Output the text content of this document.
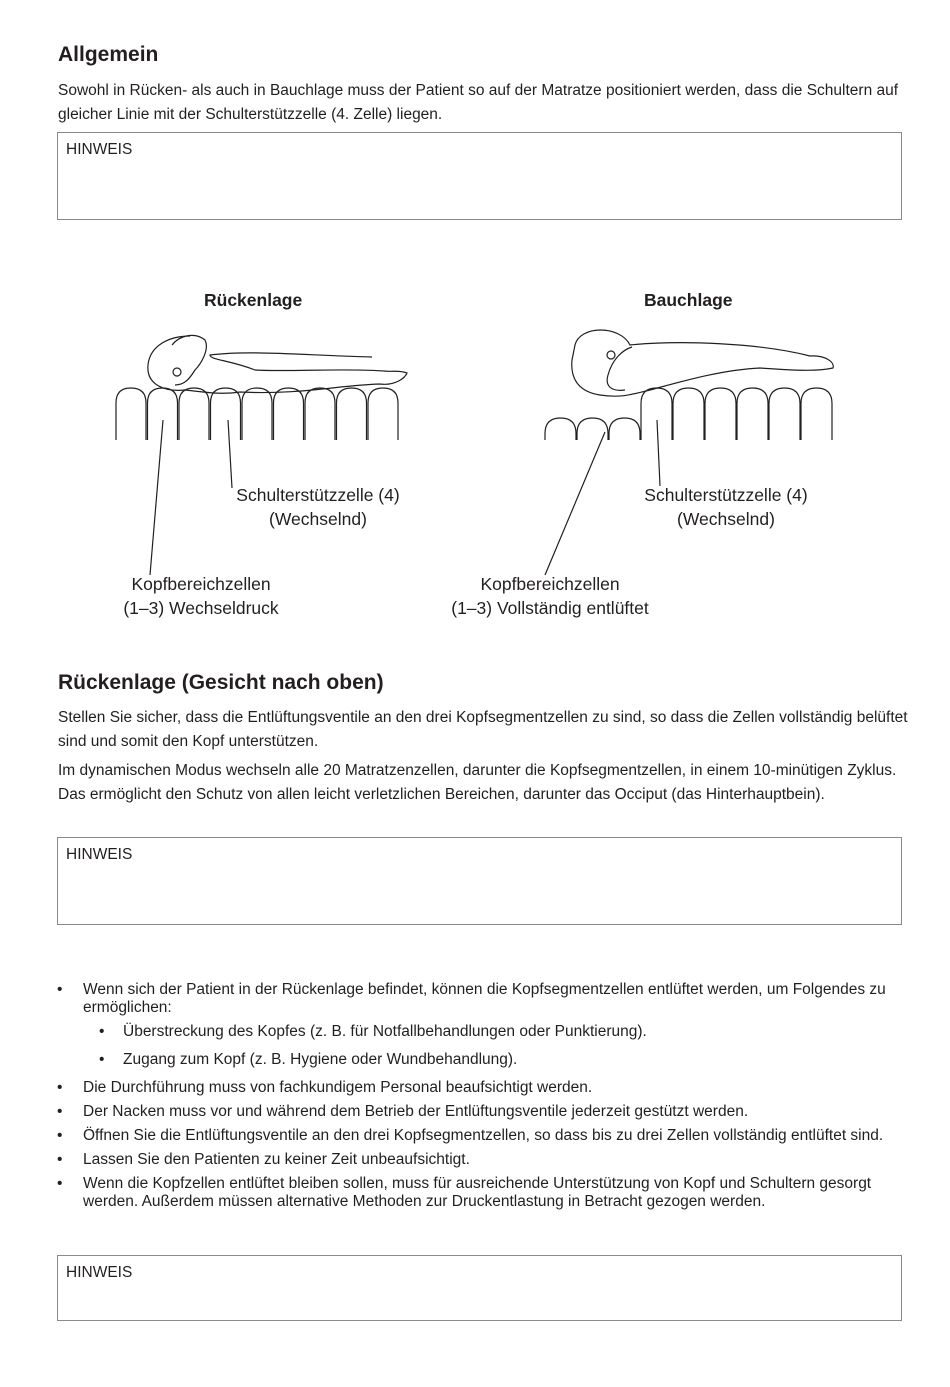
Allgemein
Sowohl in Rücken- als auch in Bauchlage muss der Patient so auf der Matratze positioniert werden, dass die Schultern auf gleicher Linie mit der Schulterstützzelle (4. Zelle) liegen.
HINWEIS
Rückenlage	Bauchlage
Schulterstützzelle (4)
(Wechselnd)
Kopfbereichzellen
(1–3) Wechseldruck
Schulterstützzelle (4)
(Wechselnd)
Kopfbereichzellen
(1–3) Vollständig entlüftet
Rückenlage (Gesicht nach oben)
Stellen Sie sicher, dass die Entlüftungsventile an den drei Kopfsegmentzellen zu sind, so dass die Zellen vollständig belüftet sind und somit den Kopf unterstützen.
Im dynamischen Modus wechseln alle 20 Matratzenzellen, darunter die Kopfsegmentzellen, in einem 10-minütigen Zyklus. Das ermöglicht den Schutz von allen leicht verletzlichen Bereichen, darunter das Occiput (das Hinterhauptbein).
HINWEIS
• Wenn sich der Patient in der Rückenlage befindet, können die Kopfsegmentzellen entlüftet werden, um Folgendes zu ermöglichen:
• Überstreckung des Kopfes (z. B. für Notfallbehandlungen oder Punktierung).
• Zugang zum Kopf (z. B. Hygiene oder Wundbehandlung).
• Die Durchführung muss von fachkundigem Personal beaufsichtigt werden.
• Der Nacken muss vor und während dem Betrieb der Entlüftungsventile jederzeit gestützt werden.
• Öffnen Sie die Entlüftungsventile an den drei Kopfsegmentzellen, so dass bis zu drei Zellen vollständig entlüftet sind.
• Lassen Sie den Patienten zu keiner Zeit unbeaufsichtigt.
• Wenn die Kopfzellen entlüftet bleiben sollen, muss für ausreichende Unterstützung von Kopf und Schultern gesorgt werden. Außerdem müssen alternative Methoden zur Druckentlastung in Betracht gezogen werden.
HINWEIS
